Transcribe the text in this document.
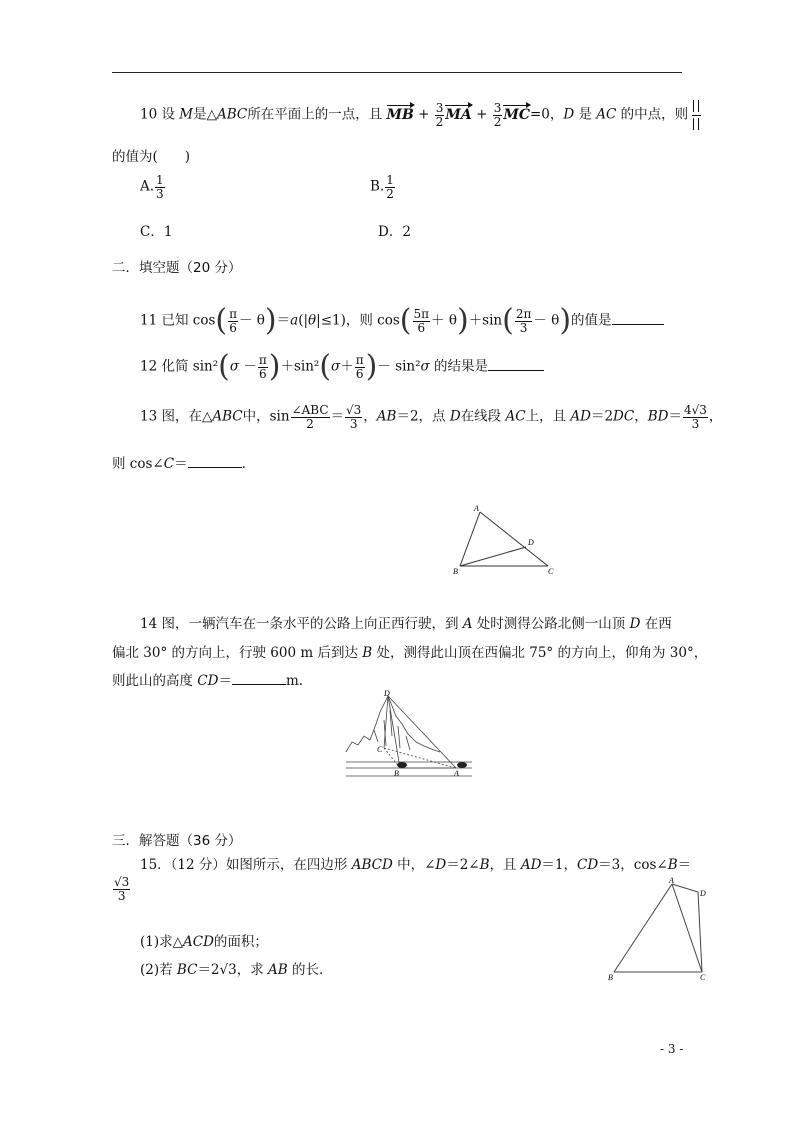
10 设 M是△ABC所在平面上的一点，且 MB + $\frac{3}{2}$ MA + $\frac{3}{2} MC=0$，D 是 AC 的中点，则
的值为(　　)
A. $\frac{1}{3}$	B. $\frac{1}{2}$
C．1	D．2
二．填空题（20 分）
11 已知 $\cos( \frac{\pi}{6} - \theta)=a(|\theta|\le 1)$，则 $\cos( \frac{5\pi}{6} + \theta)+\sin( \frac{2\pi}{3} - \theta)$的值是
12 化简 $\sin^2(\sigma - \frac{\pi}{6} )+\sin^2(\sigma+ \frac{\pi}{6}$ )－ sin²σ 的结果是
13 图，在△ABC中，$\sin \frac{\text{∠ABC}}{2} = \frac{√3}{3}$ ，AB＝2，点 D在线段 AC上，且 AD＝2DC，$BD= \frac{4√3}{3}$ ，
则 cos∠C＝	.
A
B	C
D
14 图，一辆汽车在一条水平的公路上向正西行驶，到 A 处时测得公路北侧一山顶 D 在西
偏北 30° 的方向上，行驶 600 m 后到达 B 处，测得此山顶在西偏北 75° 的方向上，仰角为 30°，
则此山的高度 CD＝	m.
D
C
B	A
三．解答题（36 分）
15．（12 分）如图所示，在四边形 ABCD 中，∠D＝2∠B，且 AD＝1，CD＝3，cos∠B＝
$\frac{√3}{3}$
(1)求△ACD的面积；
(2)若 BC＝2√3，求 AB 的长．
A
B	C
D
- 3 -
